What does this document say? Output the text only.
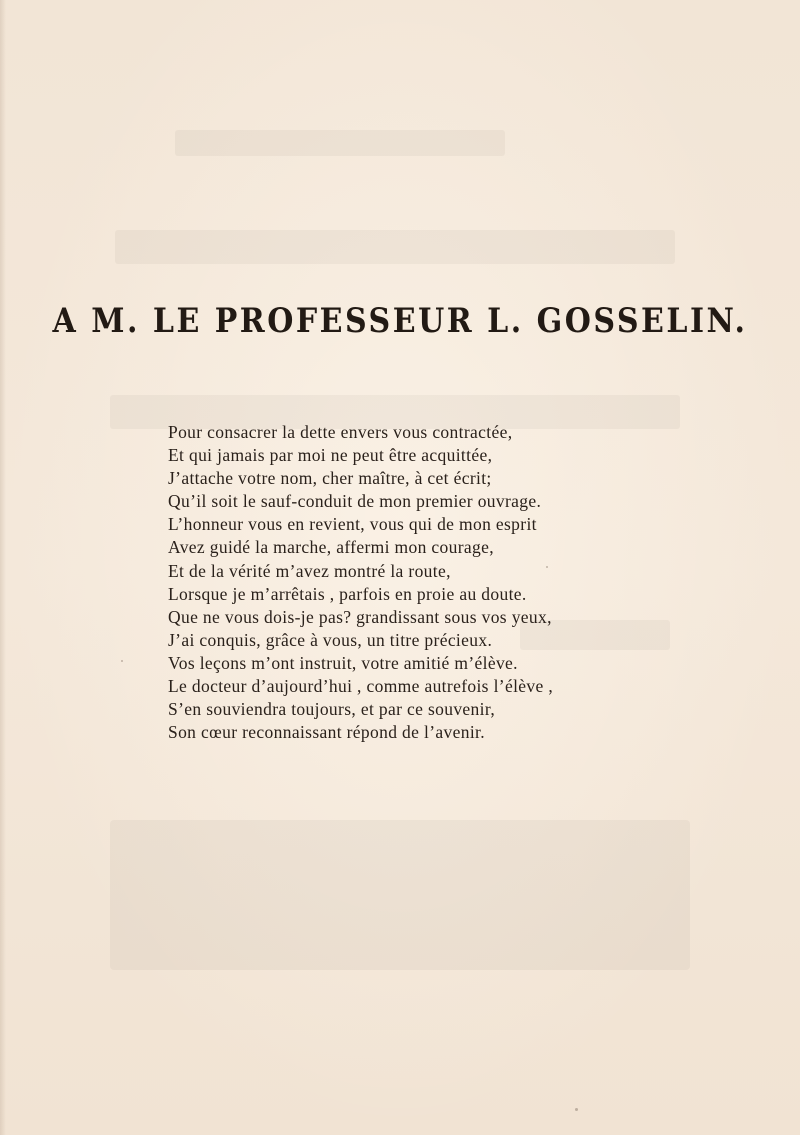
A M. LE PROFESSEUR L. GOSSELIN.
Pour consacrer la dette envers vous contractée,
Et qui jamais par moi ne peut être acquittée,
J’attache votre nom, cher maître, à cet écrit;
Qu’il soit le sauf-conduit de mon premier ouvrage.
L’honneur vous en revient, vous qui de mon esprit
Avez guidé la marche, affermi mon courage,
Et de la vérité m’avez montré la route,
Lorsque je m’arrêtais , parfois en proie au doute.
Que ne vous dois-je pas? grandissant sous vos yeux,
J’ai conquis, grâce à vous, un titre précieux.
Vos leçons m’ont instruit, votre amitié m’élève.
Le docteur d’aujourd’hui , comme autrefois l’élève ,
S’en souviendra toujours, et par ce souvenir,
Son cœur reconnaissant répond de l’avenir.
